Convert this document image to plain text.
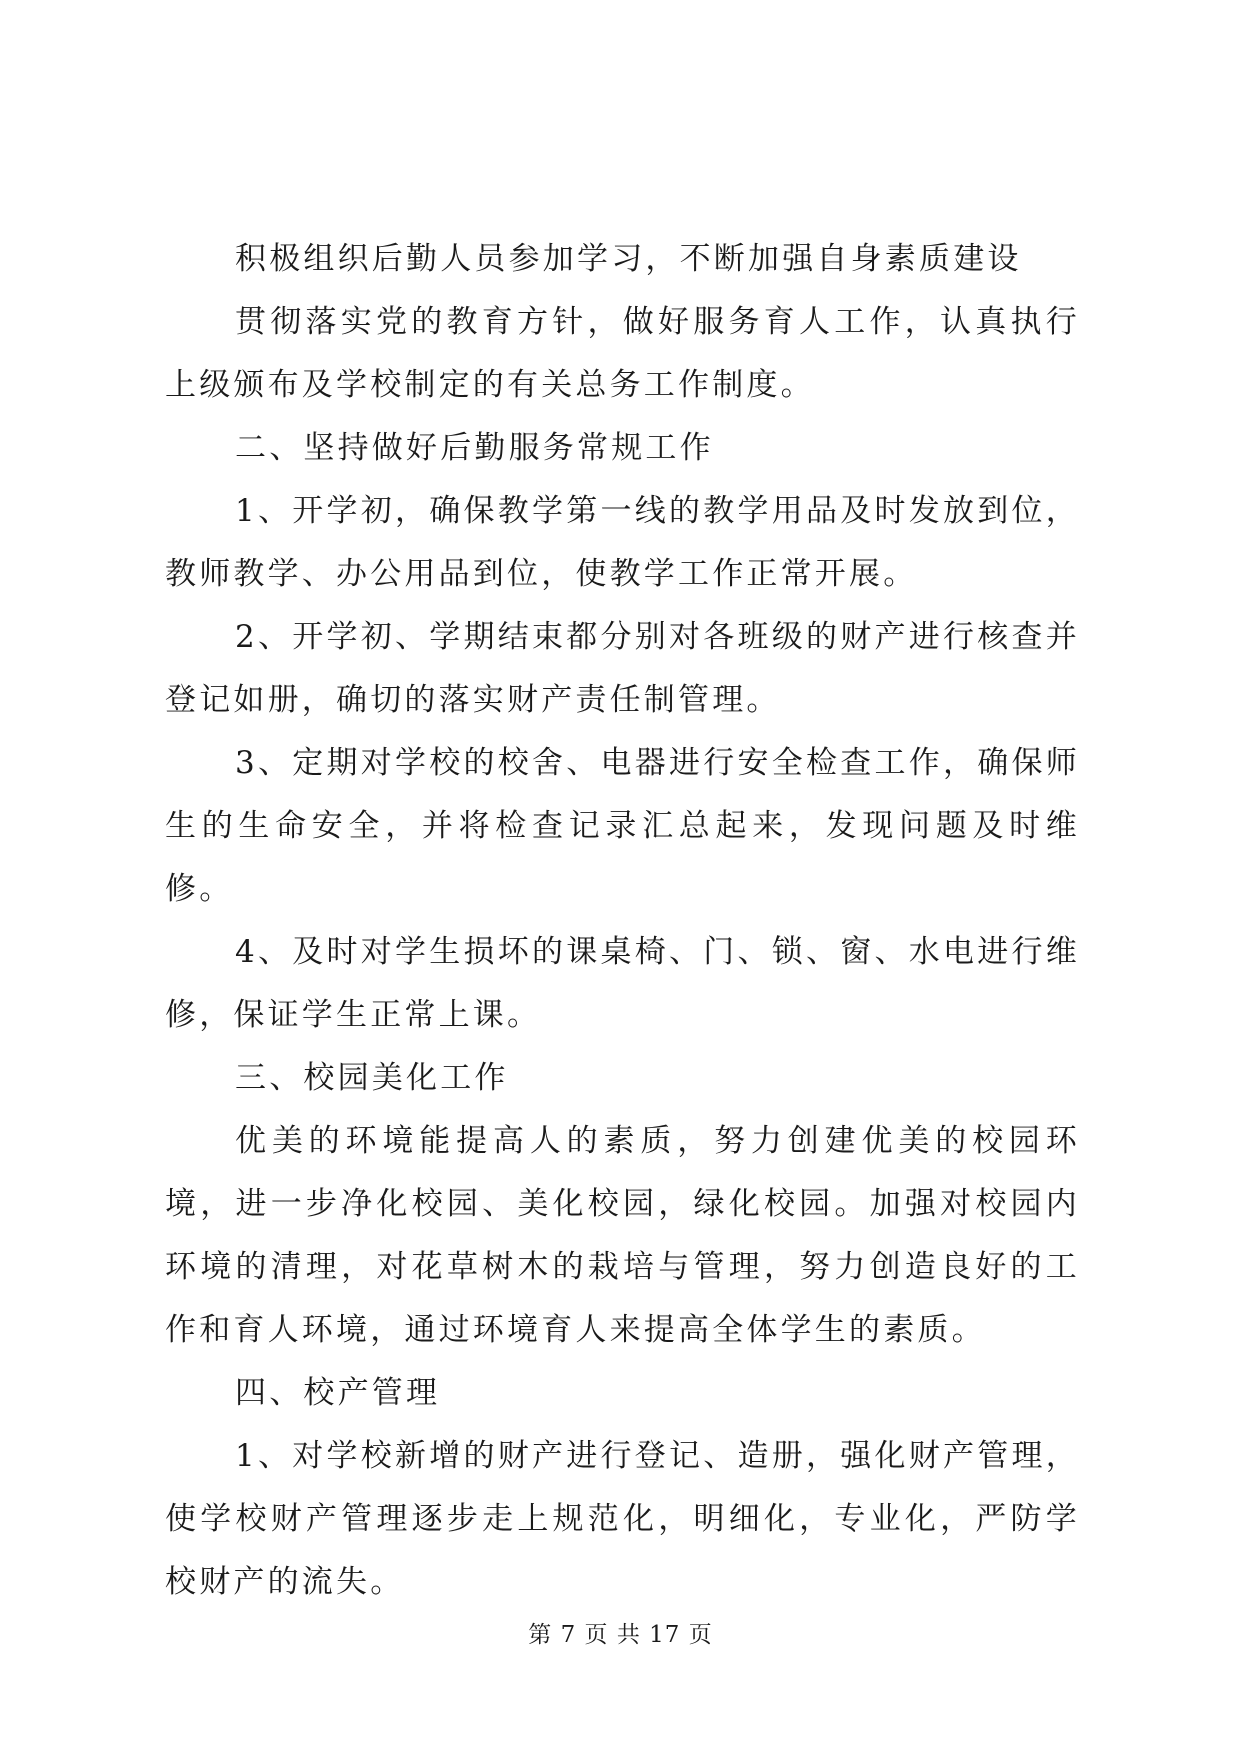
积极组织后勤人员参加学习，不断加强自身素质建设

贯彻落实党的教育方针，做好服务育人工作，认真执行上级颁布及学校制定的有关总务工作制度。

二、坚持做好后勤服务常规工作

1、开学初，确保教学第一线的教学用品及时发放到位，教师教学、办公用品到位，使教学工作正常开展。

2、开学初、学期结束都分别对各班级的财产进行核查并登记如册，确切的落实财产责任制管理。

3、定期对学校的校舍、电器进行安全检查工作，确保师生的生命安全，并将检查记录汇总起来，发现问题及时维修。

4、及时对学生损坏的课桌椅、门、锁、窗、水电进行维修，保证学生正常上课。

三、校园美化工作

优美的环境能提高人的素质，努力创建优美的校园环境，进一步净化校园、美化校园，绿化校园。加强对校园内环境的清理，对花草树木的栽培与管理，努力创造良好的工作和育人环境，通过环境育人来提高全体学生的素质。

四、校产管理

1、对学校新增的财产进行登记、造册，强化财产管理，使学校财产管理逐步走上规范化，明细化，专业化，严防学校财产的流失。

第 7 页 共 17 页
